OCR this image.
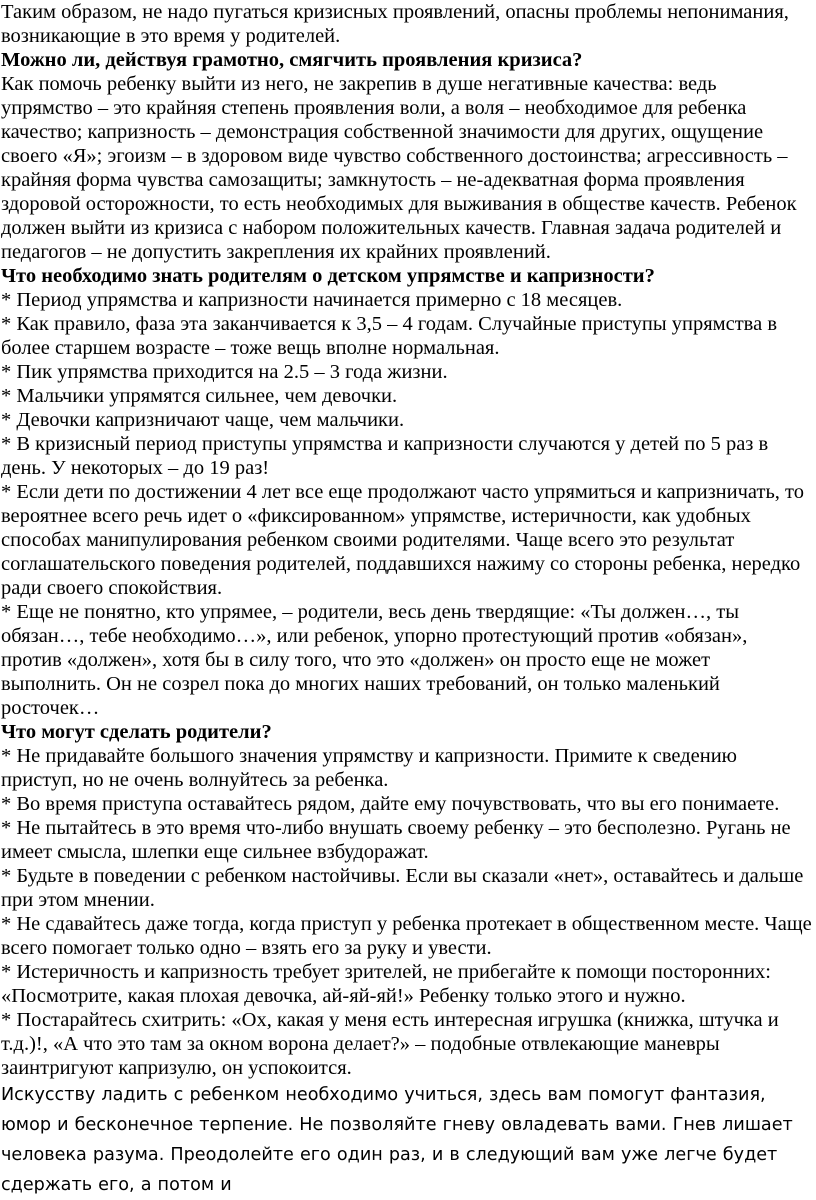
Таким образом, не надо пугаться кризисных проявлений, опасны проблемы непонимания, возникающие в это время у родителей.

Можно ли, действуя грамотно, смягчить проявления кризиса?

Как помочь ребенку выйти из него, не закрепив в душе негативные качества: ведь упрямство – это крайняя степень проявления воли, а воля – необходимое для ребенка качество; капризность – демонстрация собственной значимости для других, ощущение своего «Я»; эгоизм – в здоровом виде чувство собственного достоинства; агрессивность – крайняя форма чувства самозащиты; замкнутость – не-адекватная форма проявления здоровой осторожности, то есть необходимых для выживания в обществе качеств. Ребенок должен выйти из кризиса с набором положительных качеств. Главная задача родителей и педагогов – не допустить закрепления их крайних проявлений.

Что необходимо знать родителям о детском упрямстве и капризности?

* Период упрямства и капризности начинается примерно с 18 месяцев.

* Как правило, фаза эта заканчивается к 3,5 – 4 годам. Случайные приступы упрямства в более старшем возрасте – тоже вещь вполне нормальная.

* Пик упрямства приходится на 2.5 – 3 года жизни.

* Мальчики упрямятся сильнее, чем девочки.

* Девочки капризничают чаще, чем мальчики.

* В кризисный период приступы упрямства и капризности случаются у детей по 5 раз в день. У некоторых – до 19 раз!

* Если дети по достижении 4 лет все еще продолжают часто упрямиться и капризничать, то вероятнее всего речь идет о «фиксированном» упрямстве, истеричности, как удобных способах манипулирования ребенком своими родителями. Чаще всего это результат соглашательского поведения родителей, поддавшихся нажиму со стороны ребенка, нередко ради своего спокойствия.

* Еще не понятно, кто упрямее, – родители, весь день твердящие: «Ты должен…, ты обязан…, тебе необходимо…», или ребенок, упорно протестующий против «обязан», против «должен», хотя бы в силу того, что это «должен» он просто еще не может выполнить. Он не созрел пока до многих наших требований, он только маленький росточек…

Что могут сделать родители?

* Не придавайте большого значения упрямству и капризности. Примите к сведению приступ, но не очень волнуйтесь за ребенка.

* Во время приступа оставайтесь рядом, дайте ему почувствовать, что вы его понимаете.

* Не пытайтесь в это время что-либо внушать своему ребенку – это бесполезно. Ругань не имеет смысла, шлепки еще сильнее взбудоражат.

* Будьте в поведении с ребенком настойчивы. Если вы сказали «нет», оставайтесь и дальше при этом мнении.

* Не сдавайтесь даже тогда, когда приступ у ребенка протекает в общественном месте. Чаще всего помогает только одно – взять его за руку и увести.

* Истеричность и капризность требует зрителей, не прибегайте к помощи посторонних: «Посмотрите, какая плохая девочка, ай-яй-яй!» Ребенку только этого и нужно.

* Постарайтесь схитрить: «Ох, какая у меня есть интересная игрушка (книжка, штучка и т.д.)!, «А что это там за окном ворона делает?» – подобные отвлекающие маневры заинтригуют капризулю, он успокоится.

Искусству ладить с ребенком необходимо учиться, здесь вам помогут фантазия, юмор и бесконечное терпение. Не позволяйте гневу овладевать вами. Гнев лишает человека разума. Преодолейте его один раз, и в следующий вам уже легче будет сдержать его, а потом и
